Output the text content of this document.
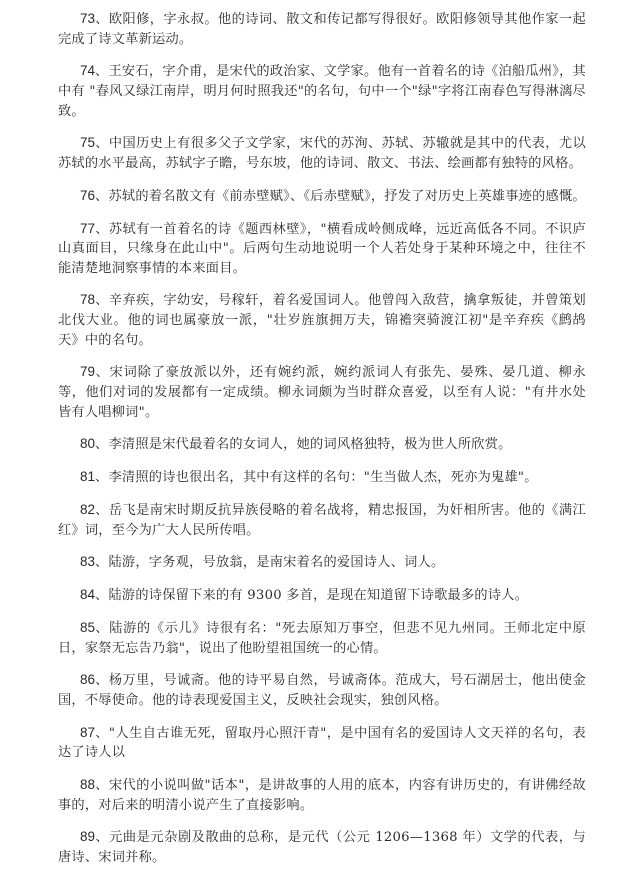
73、欧阳修，字永叔。他的诗词、散文和传记都写得很好。欧阳修领导其他作家一起完成了诗文革新运动。

74、王安石，字介甫，是宋代的政治家、文学家。他有一首着名的诗《泊船瓜州》，其中有 "春风又绿江南岸，明月何时照我还"的名句，句中一个"绿"字将江南春色写得淋漓尽致。

75、中国历史上有很多父子文学家，宋代的苏洵、苏轼、苏辙就是其中的代表，尤以苏轼的水平最高，苏轼字子瞻，号东坡，他的诗词、散文、书法、绘画都有独特的风格。

76、苏轼的着名散文有《前赤壁赋》、《后赤壁赋》，抒发了对历史上英雄事迹的感慨。

77、苏轼有一首着名的诗《题西林壁》，"横看成岭侧成峰，远近高低各不同。不识庐山真面目，只缘身在此山中"。后两句生动地说明一个人若处身于某种环境之中，往往不能清楚地洞察事情的本来面目。

78、辛弃疾，字幼安，号稼轩，着名爱国词人。他曾闯入敌营，擒拿叛徒，并曾策划北伐大业。他的词也属豪放一派，"壮岁旌旗拥万夫，锦襜突骑渡江初"是辛弃疾《鹧鸪天》中的名句。

79、宋词除了豪放派以外，还有婉约派，婉约派词人有张先、晏殊、晏几道、柳永等，他们对词的发展都有一定成绩。柳永词颇为当时群众喜爱，以至有人说："有井水处皆有人唱柳词"。

80、李清照是宋代最着名的女词人，她的词风格独特，极为世人所欣赏。

81、李清照的诗也很出名，其中有这样的名句："生当做人杰，死亦为鬼雄"。

82、岳飞是南宋时期反抗异族侵略的着名战将，精忠报国，为奸相所害。他的《满江红》词，至今为广大人民所传唱。

83、陆游，字务观，号放翁，是南宋着名的爱国诗人、词人。

84、陆游的诗保留下来的有 9300 多首，是现在知道留下诗歌最多的诗人。

85、陆游的《示儿》诗很有名："死去原知万事空，但悲不见九州同。王师北定中原日，家祭无忘告乃翁"，说出了他盼望祖国统一的心情。

86、杨万里，号诚斋。他的诗平易自然，号诚斋体。范成大，号石湖居士，他出使金国，不辱使命。他的诗表现爱国主义，反映社会现实，独创风格。

87、"人生自古谁无死，留取丹心照汗青"，是中国有名的爱国诗人文天祥的名句，表达了诗人以

88、宋代的小说叫做"话本"，是讲故事的人用的底本，内容有讲历史的，有讲佛经故事的，对后来的明清小说产生了直接影响。

89、元曲是元杂剧及散曲的总称，是元代（公元 1206—1368 年）文学的代表，与唐诗、宋词并称。
